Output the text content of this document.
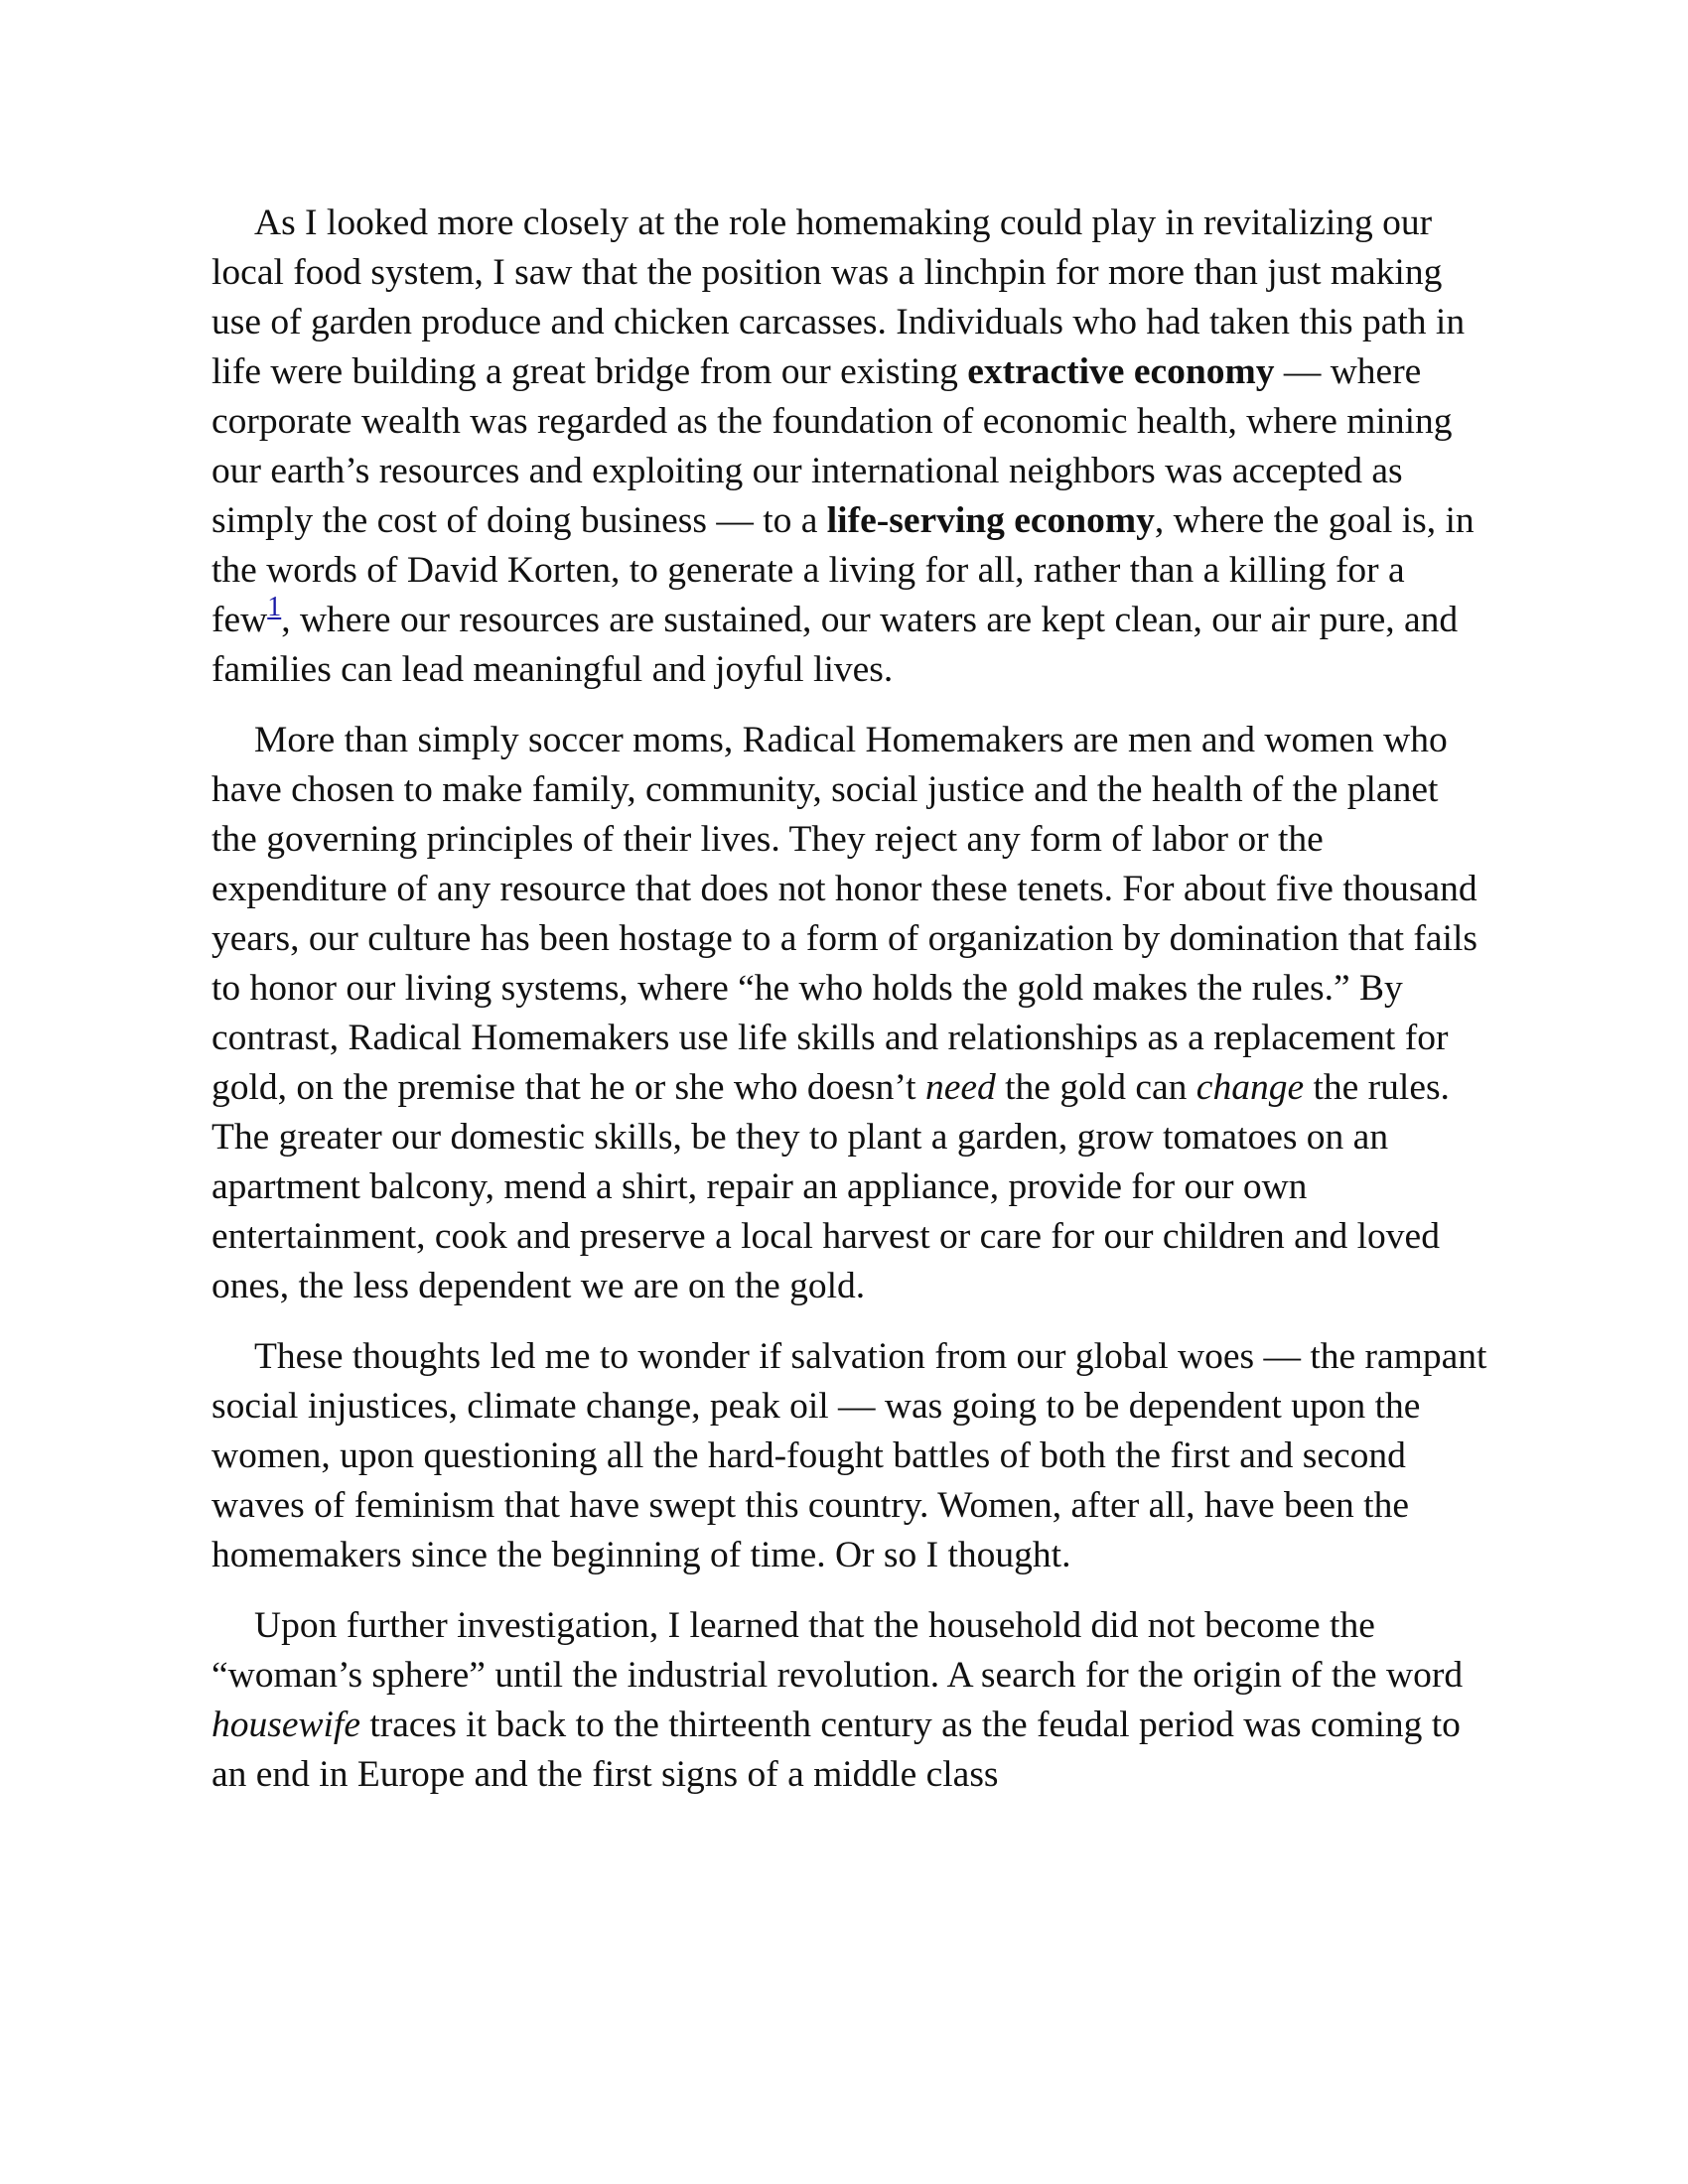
As I looked more closely at the role homemaking could play in revitalizing our local food system, I saw that the position was a linchpin for more than just making use of garden produce and chicken carcasses. Individuals who had taken this path in life were building a great bridge from our existing extractive economy — where corporate wealth was regarded as the foundation of economic health, where mining our earth’s resources and exploiting our international neighbors was accepted as simply the cost of doing business — to a life-serving economy, where the goal is, in the words of David Korten, to generate a living for all, rather than a killing for a few$^1$, where our resources are sustained, our waters are kept clean, our air pure, and families can lead meaningful and joyful lives.

More than simply soccer moms, Radical Homemakers are men and women who have chosen to make family, community, social justice and the health of the planet the governing principles of their lives. They reject any form of labor or the expenditure of any resource that does not honor these tenets. For about five thousand years, our culture has been hostage to a form of organization by domination that fails to honor our living systems, where “he who holds the gold makes the rules.” By contrast, Radical Homemakers use life skills and relationships as a replacement for gold, on the premise that he or she who doesn’t need the gold can change the rules. The greater our domestic skills, be they to plant a garden, grow tomatoes on an apartment balcony, mend a shirt, repair an appliance, provide for our own entertainment, cook and preserve a local harvest or care for our children and loved ones, the less dependent we are on the gold.

These thoughts led me to wonder if salvation from our global woes — the rampant social injustices, climate change, peak oil — was going to be dependent upon the women, upon questioning all the hard-fought battles of both the first and second waves of feminism that have swept this country. Women, after all, have been the homemakers since the beginning of time. Or so I thought.

Upon further investigation, I learned that the household did not become the “woman’s sphere” until the industrial revolution. A search for the origin of the word housewife traces it back to the thirteenth century as the feudal period was coming to an end in Europe and the first signs of a middle class
